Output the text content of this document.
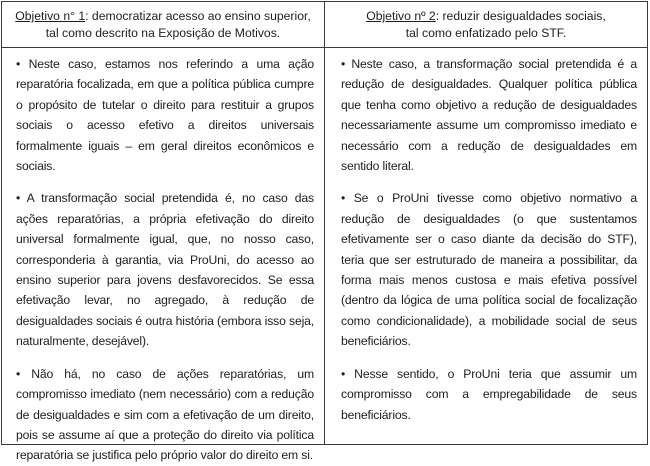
Objetivo n° 1: democratizar acesso ao ensino superior,
tal como descrito na Exposição de Motivos.
Objetivo nº 2: reduzir desigualdades sociais,
tal como enfatizado pelo STF.

• Neste caso, estamos nos referindo a uma ação reparatória focalizada, em que a política pública cumpre o propósito de tutelar o direito para restituir a grupos sociais o acesso efetivo a direitos universais formalmente iguais – em geral direitos econômicos e sociais.

• A transformação social pretendida é, no caso das ações reparatórias, a própria efetivação do direito universal formalmente igual, que, no nosso caso, corresponderia à garantia, via ProUni, do acesso ao ensino superior para jovens desfavorecidos. Se essa efetivação levar, no agregado, à redução de desigualdades sociais é outra história (embora isso seja, naturalmente, desejável).

• Não há, no caso de ações reparatórias, um compromisso imediato (nem necessário) com a redução de desigualdades e sim com a efetivação de um direito, pois se assume aí que a proteção do direito via política reparatória se justifica pelo próprio valor do direito em si.

• Neste caso, a transformação social pretendida é a redução de desigualdades. Qualquer política pública que tenha como objetivo a redução de desigualdades necessariamente assume um compromisso imediato e necessário com a redução de desigualdades em sentido literal.

• Se o ProUni tivesse como objetivo normativo a redução de desigualdades (o que sustentamos efetivamente ser o caso diante da decisão do STF), teria que ser estruturado de maneira a possibilitar, da forma mais menos custosa e mais efetiva possível (dentro da lógica de uma política social de focalização como condicionalidade), a mobilidade social de seus beneficiários.

• Nesse sentido, o ProUni teria que assumir um compromisso com a empregabilidade de seus beneficiários.
